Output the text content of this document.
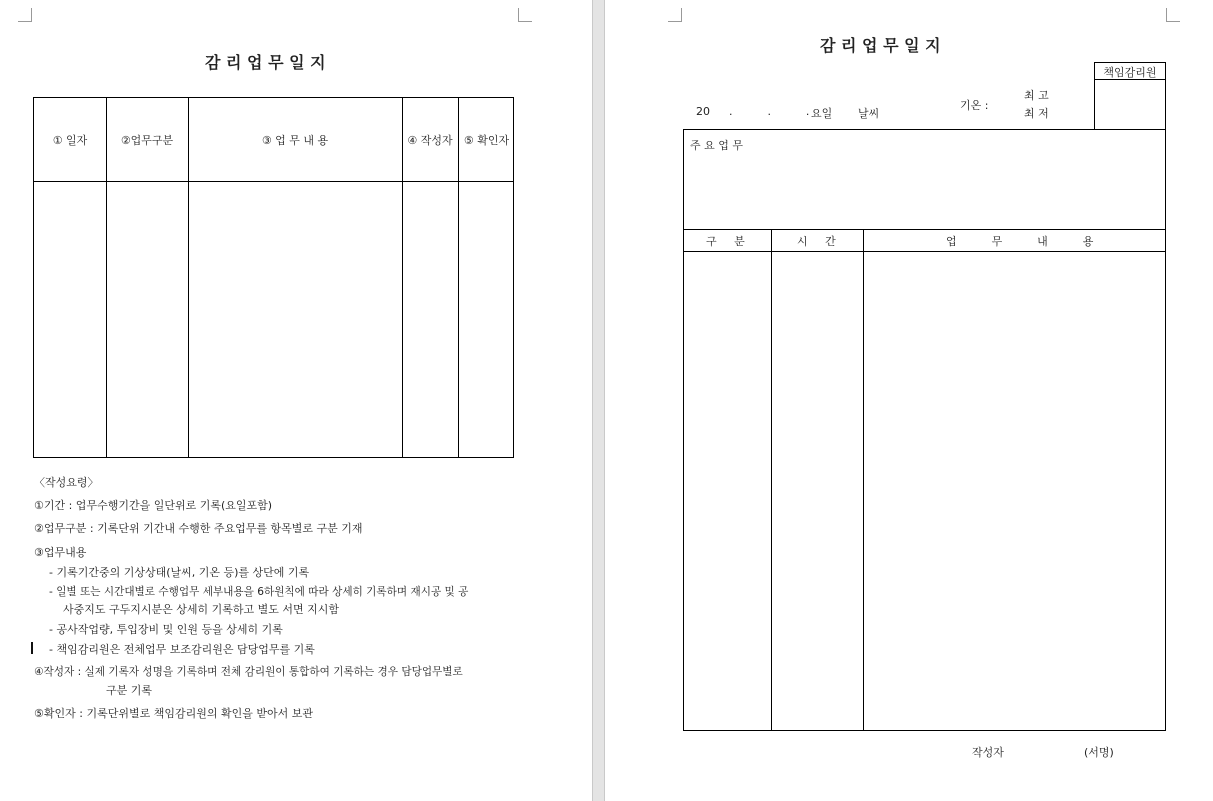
감 리 업 무 일 지
① 일자	②업무구분	③ 업 무 내 용	④ 작성자	⑤ 확인자
〈작성요령〉
①기간 : 업무수행기간을 일단위로 기록(요일포함)
②업무구분 : 기록단위 기간내 수행한 주요업무를 항목별로 구분 기재
③업무내용
- 기록기간중의 기상상태(날씨, 기온 등)를 상단에 기록
- 일별 또는 시간대별로 수행업무 세부내용을 6하원칙에 따라 상세히 기록하며 재시공 및 공
사중지도 구두지시분은 상세히 기록하고 별도 서면 지시함
- 공사작업량, 투입장비 및 인원 등을 상세히 기록
- 책임감리원은 전체업무 보조감리원은 담당업무를 기록
④작성자 : 실제 기록자 성명을 기록하며 전체 감리원이 통합하여 기록하는 경우 담당업무별로
구분 기록
⑤확인자 : 기록단위별로 책임감리원의 확인을 받아서 보관
감 리 업 무 일 지
책임감리원
20 .          .          . 요일 날씨
기온 :
최 고
최 저
주 요 업 무
구     분	시     간	업          무          내          용
작성자	(서명)
